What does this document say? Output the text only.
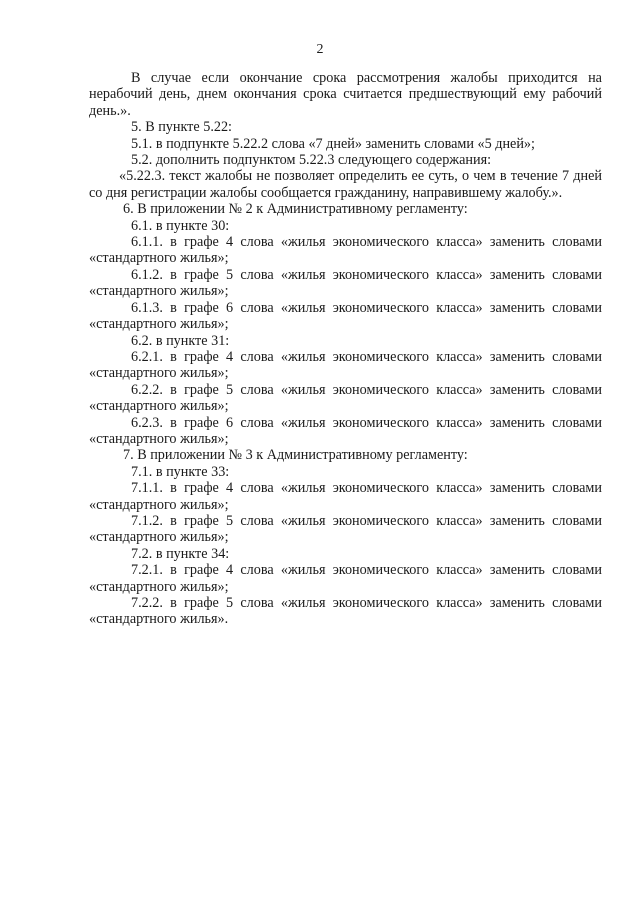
2

В случае если окончание срока рассмотрения жалобы приходится на нерабочий день, днем окончания срока считается предшествующий ему рабочий день.».

5. В пункте 5.22:

5.1. в подпункте 5.22.2 слова «7 дней» заменить словами «5 дней»;

5.2. дополнить подпунктом 5.22.3 следующего содержания:

«5.22.3. текст жалобы не позволяет определить ее суть, о чем в течение 7 дней со дня регистрации жалобы сообщается гражданину, направившему жалобу.».

6. В приложении № 2 к Административному регламенту:

6.1. в пункте 30:

6.1.1. в графе 4 слова «жилья экономического класса» заменить словами «стандартного жилья»;

6.1.2. в графе 5 слова «жилья экономического класса» заменить словами «стандартного жилья»;

6.1.3. в графе 6 слова «жилья экономического класса» заменить словами «стандартного жилья»;

6.2. в пункте 31:

6.2.1. в графе 4 слова «жилья экономического класса» заменить словами «стандартного жилья»;

6.2.2. в графе 5 слова «жилья экономического класса» заменить словами «стандартного жилья»;

6.2.3. в графе 6 слова «жилья экономического класса» заменить словами «стандартного жилья»;

7. В приложении № 3 к Административному регламенту:

7.1. в пункте 33:

7.1.1. в графе 4 слова «жилья экономического класса» заменить словами «стандартного жилья»;

7.1.2. в графе 5 слова «жилья экономического класса» заменить словами «стандартного жилья»;

7.2. в пункте 34:

7.2.1. в графе 4 слова «жилья экономического класса» заменить словами «стандартного жилья»;

7.2.2. в графе 5 слова «жилья экономического класса» заменить словами «стандартного жилья».
